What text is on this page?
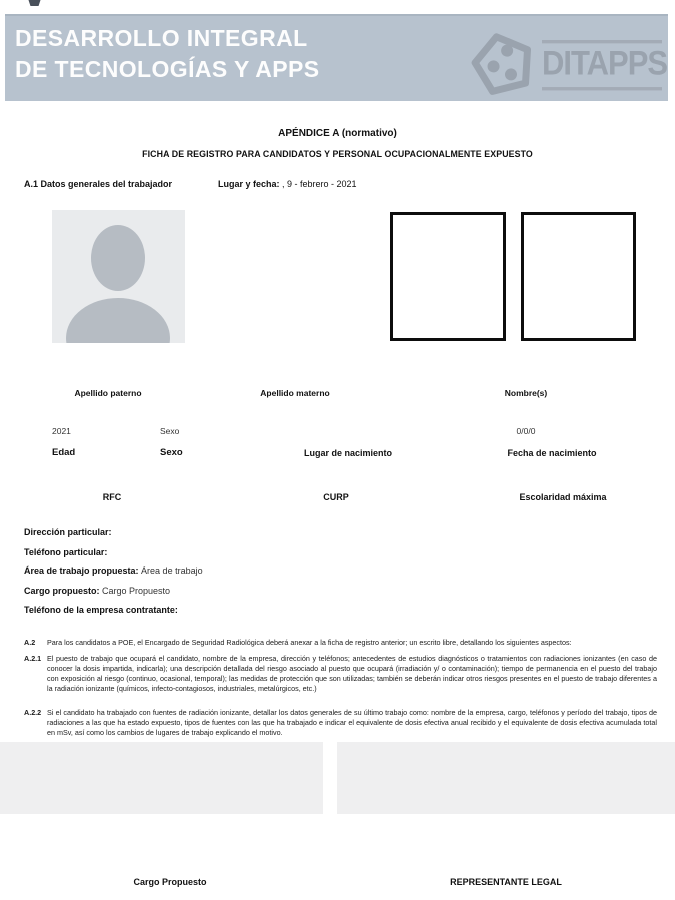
DESARROLLO INTEGRAL
DE TECNOLOGÍAS Y APPS	DITAPPS
APÉNDICE A (normativo)
FICHA DE REGISTRO PARA CANDIDATOS Y PERSONAL OCUPACIONALMENTE EXPUESTO
A.1 Datos generales del trabajador	Lugar y fecha: , 9 - febrero - 2021
Apellido paterno	Apellido materno	Nombre(s)
2021	Sexo	0/0/0
Edad	Sexo	Lugar de nacimiento	Fecha de nacimiento
RFC	CURP	Escolaridad máxima

Dirección particular:

Teléfono particular:

Área de trabajo propuesta: Área de trabajo

Cargo propuesto: Cargo Propuesto

Teléfono de la empresa contratante:

A.2 Para los candidatos a POE, el Encargado de Seguridad Radiológica deberá anexar a la ficha de registro anterior; un escrito libre, detallando los siguientes aspectos:
A.2.1 El puesto de trabajo que ocupará el candidato, nombre de la empresa, dirección y teléfonos; antecedentes de estudios diagnósticos o tratamientos con radiaciones ionizantes (en caso de conocer la dosis impartida, indicarla); una descripción detallada del riesgo asociado al puesto que ocupará (irradiación y/ o contaminación); tiempo de permanencia en el puesto del trabajo con exposición al riesgo (continuo, ocasional, temporal); las medidas de protección que son utilizadas; también se deberán indicar otros riesgos presentes en el puesto de trabajo diferentes a la radiación ionizante (químicos, infecto-contagiosos, industriales, metalúrgicos, etc.)
A.2.2 Si el candidato ha trabajado con fuentes de radiación ionizante, detallar los datos generales de su último trabajo como: nombre de la empresa, cargo, teléfonos y período del trabajo, tipos de radiaciones a las que ha estado expuesto, tipos de fuentes con las que ha trabajado e indicar el equivalente de dosis efectiva anual recibido y el equivalente de dosis efectiva acumulada total en mSv, así como los cambios de lugares de trabajo explicando el motivo.
Cargo Propuesto	REPRESENTANTE LEGAL
